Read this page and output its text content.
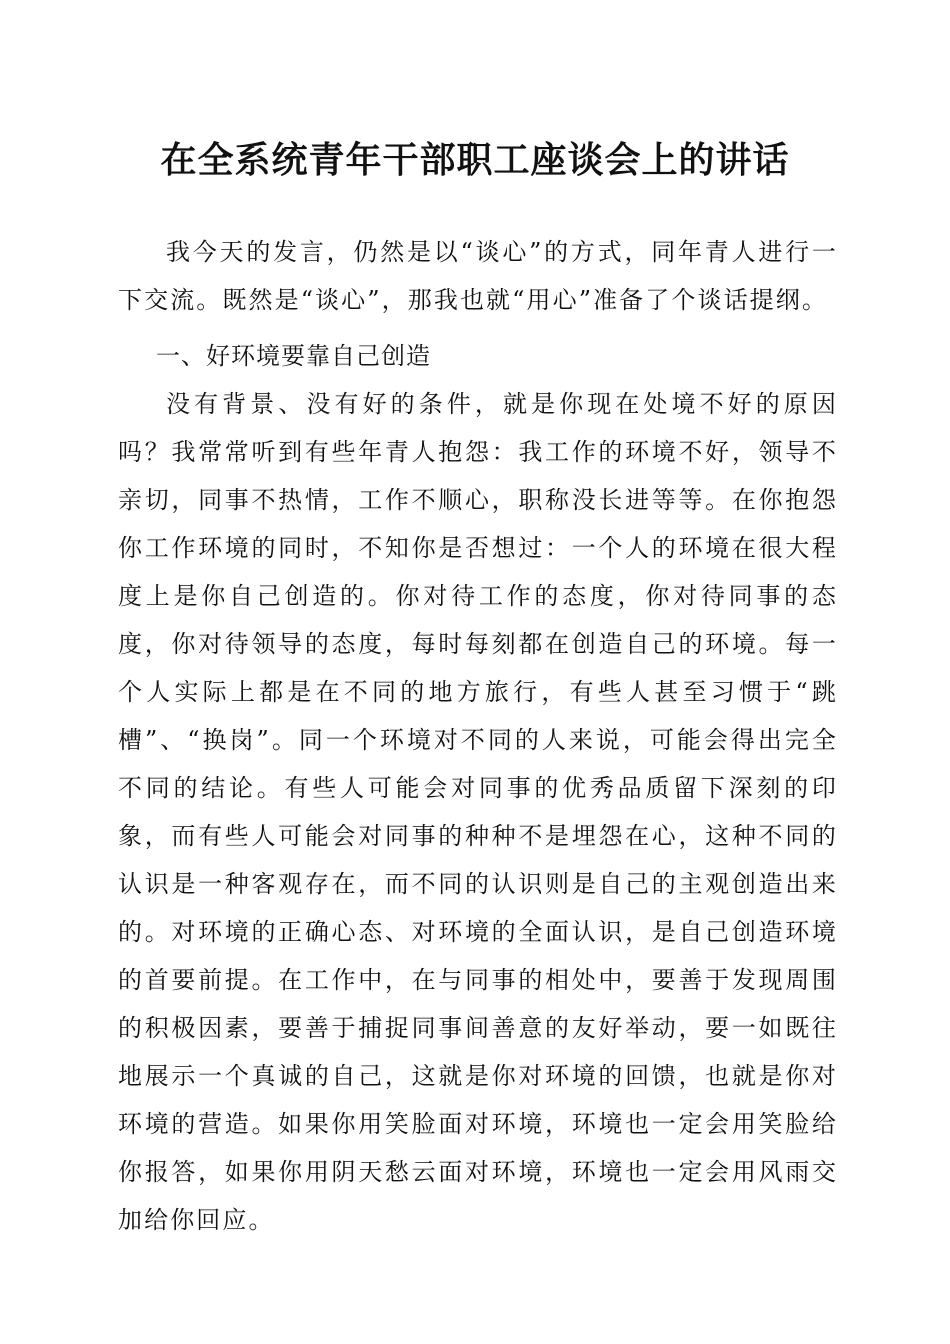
在全系统青年干部职工座谈会上的讲话

我今天的发言，仍然是以“谈心”的方式，同年青人进行一下交流。既然是“谈心”，那我也就“用心”准备了个谈话提纲。

一、好环境要靠自己创造

没有背景、没有好的条件，就是你现在处境不好的原因吗？我常常听到有些年青人抱怨：我工作的环境不好，领导不亲切，同事不热情，工作不顺心，职称没长进等等。在你抱怨你工作环境的同时，不知你是否想过：一个人的环境在很大程度上是你自己创造的。你对待工作的态度，你对待同事的态度，你对待领导的态度，每时每刻都在创造自己的环境。每一个人实际上都是在不同的地方旅行，有些人甚至习惯于“跳槽”、“换岗”。同一个环境对不同的人来说，可能会得出完全不同的结论。有些人可能会对同事的优秀品质留下深刻的印象，而有些人可能会对同事的种种不是埋怨在心，这种不同的认识是一种客观存在，而不同的认识则是自己的主观创造出来的。对环境的正确心态、对环境的全面认识，是自己创造环境的首要前提。在工作中，在与同事的相处中，要善于发现周围的积极因素，要善于捕捉同事间善意的友好举动，要一如既往地展示一个真诚的自己，这就是你对环境的回馈，也就是你对环境的营造。如果你用笑脸面对环境，环境也一定会用笑脸给你报答，如果你用阴天愁云面对环境，环境也一定会用风雨交加给你回应。
